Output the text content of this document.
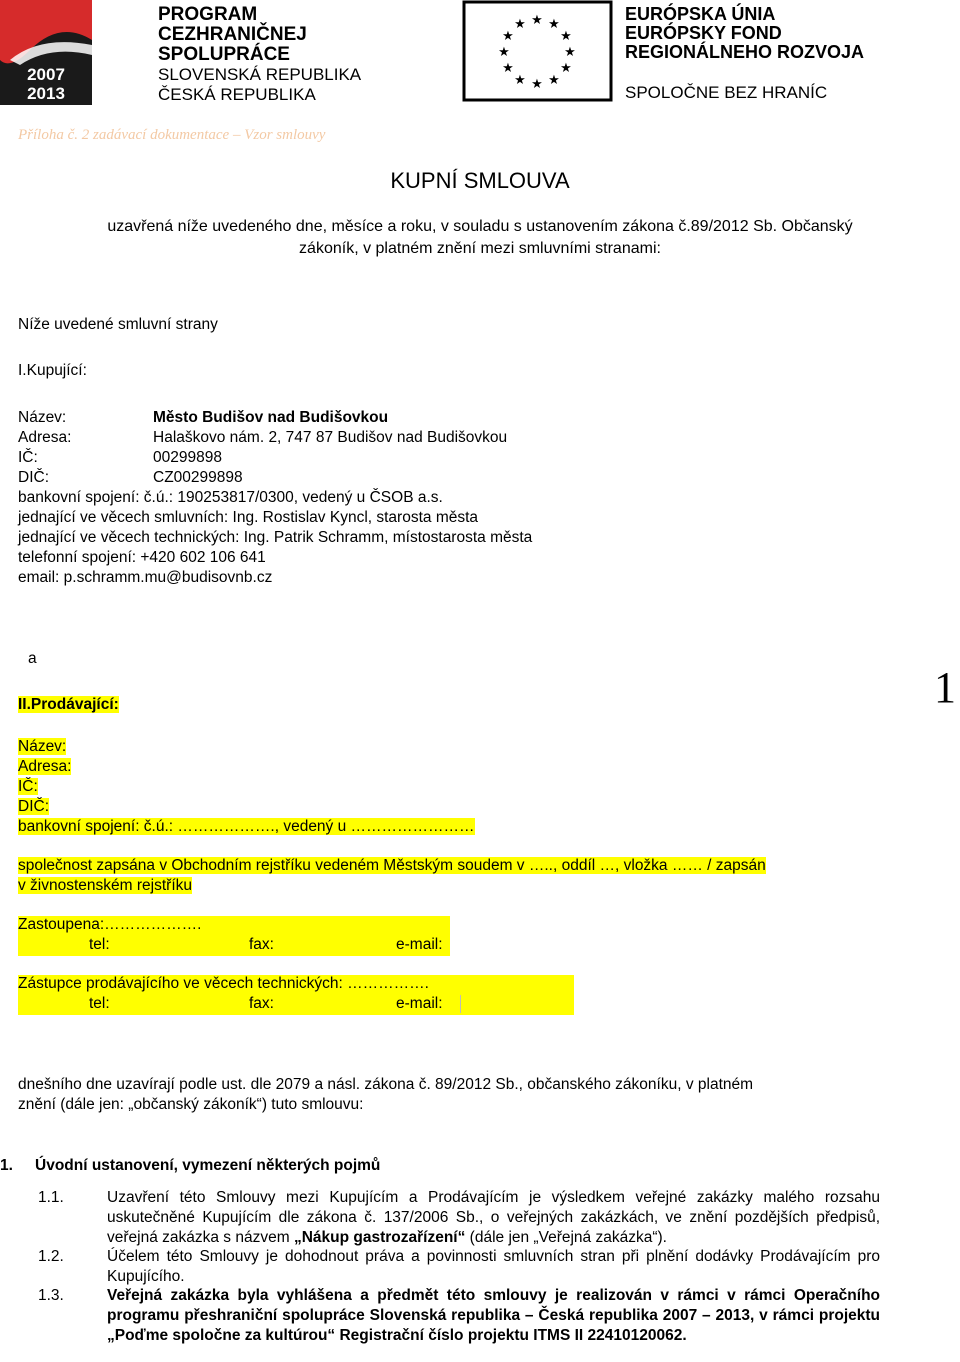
2007
2013
PROGRAM
CEZHRANIČNEJ
SPOLUPRÁCE
SLOVENSKÁ REPUBLIKA
ČESKÁ REPUBLIKA
★ ★
★
★
★
★
★
★
★
★
★
★
EURÓPSKA ÚNIA
EURÓPSKY FOND
REGIONÁLNEHO ROZVOJA
SPOLOČNE BEZ HRANÍC
Příloha č. 2 zadávací dokumentace – Vzor smlouvy
KUPNÍ SMLOUVA
uzavřená níže uvedeného dne, měsíce a roku, v souladu s ustanovením zákona č.89/2012 Sb. Občanský
zákoník, v platném znění mezi smluvními stranami:
Níže uvedené smluvní strany
I.Kupující:
Název:	Město Budišov nad Budišovkou
Adresa:	Halaškovo nám. 2, 747 87 Budišov nad Budišovkou
IČ:	00299898
DIČ:	CZ00299898
bankovní spojení: č.ú.: 190253817/0300, vedený u ČSOB a.s.
jednající ve věcech smluvních: Ing. Rostislav Kyncl, starosta města
jednající ve věcech technických: Ing. Patrik Schramm, místostarosta města
telefonní spojení: +420 602 106 641
email: p.schramm.mu@budisovnb.cz
a
1
II.Prodávající:
Název:
Adresa:
IČ:
DIČ:
bankovní spojení: č.ú.: ………………., vedený u ……………………
společnost zapsána v Obchodním rejstříku vedeném Městským soudem v ….., oddíl …, vložka …… / zapsán
v živnostenském rejstříku
Zastoupena:……………….
tel:	fax:	e-mail:
Zástupce prodávajícího ve věcech technických: …………….
tel:	fax:	e-mail:
dnešního dne uzavírají podle ust. dle 2079 a násl. zákona č. 89/2012 Sb., občanského zákoníku, v platném
znění (dále jen: „občanský zákoník“) tuto smlouvu:
1. Úvodní ustanovení, vymezení některých pojmů
1.1.	Uzavření této Smlouvy mezi Kupujícím a Prodávajícím je výsledkem veřejné zakázky malého rozsahu uskutečněné Kupujícím dle zákona č. 137/2006 Sb., o veřejných zakázkách, ve znění pozdějších předpisů, veřejná zakázka s názvem „Nákup gastrozařízení“ (dále jen „Veřejná zakázka“).
1.2.	Účelem této Smlouvy je dohodnout práva a povinnosti smluvních stran při plnění dodávky Prodávajícím pro Kupujícího.
1.3.	Veřejná zakázka byla vyhlášena a předmět této smlouvy je realizován v rámci v rámci Operačního programu přeshraniční spolupráce Slovenská republika – Česká republika 2007 – 2013, v rámci projektu „Poďme spoločne za kultúrou“ Registrační číslo projektu ITMS II 22410120062.
